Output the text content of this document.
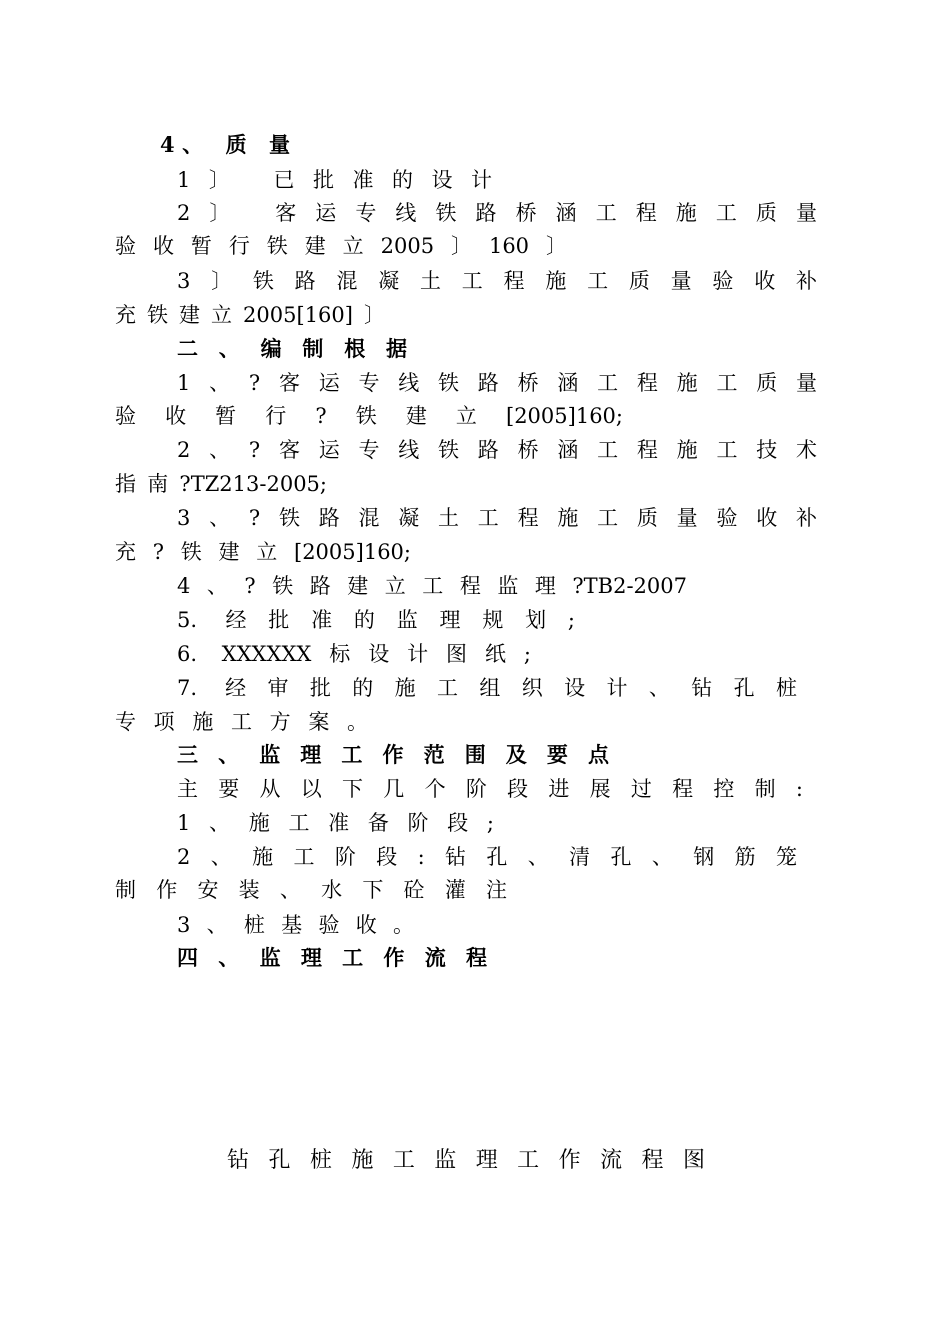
4、 质 量
1〕 已批准的设计
2〕 客运专线铁路桥涵工程施工质量
验收暂行铁建立2005〕160〕
3〕铁路混凝土工程施工质量验收补
充铁建立2005[160]〕
二、编制根据
1、?客运专线铁路桥涵工程施工质量
验收暂行?铁建立[2005]160;
2、?客运专线铁路桥涵工程施工技术
指南?TZ213-2005;
3、?铁路混凝土工程施工质量验收补
充?铁建立[2005]160;
4、?铁路建立工程监理?TB2-2007
5. 经批准的监理规划;
6. XXXXXX标设计图纸;
7. 经审批的施工组织设计、钻孔桩
专项施工方案。
三、监理工作范围及要点
主要从以下几个阶段进展过程控制:
1、施工准备阶段;
2、施工阶段:钻孔、清孔、钢筋笼
制作安装、水下砼灌注
3、桩基验收。
四、监理工作流程
钻孔桩施工监理工作流程图
